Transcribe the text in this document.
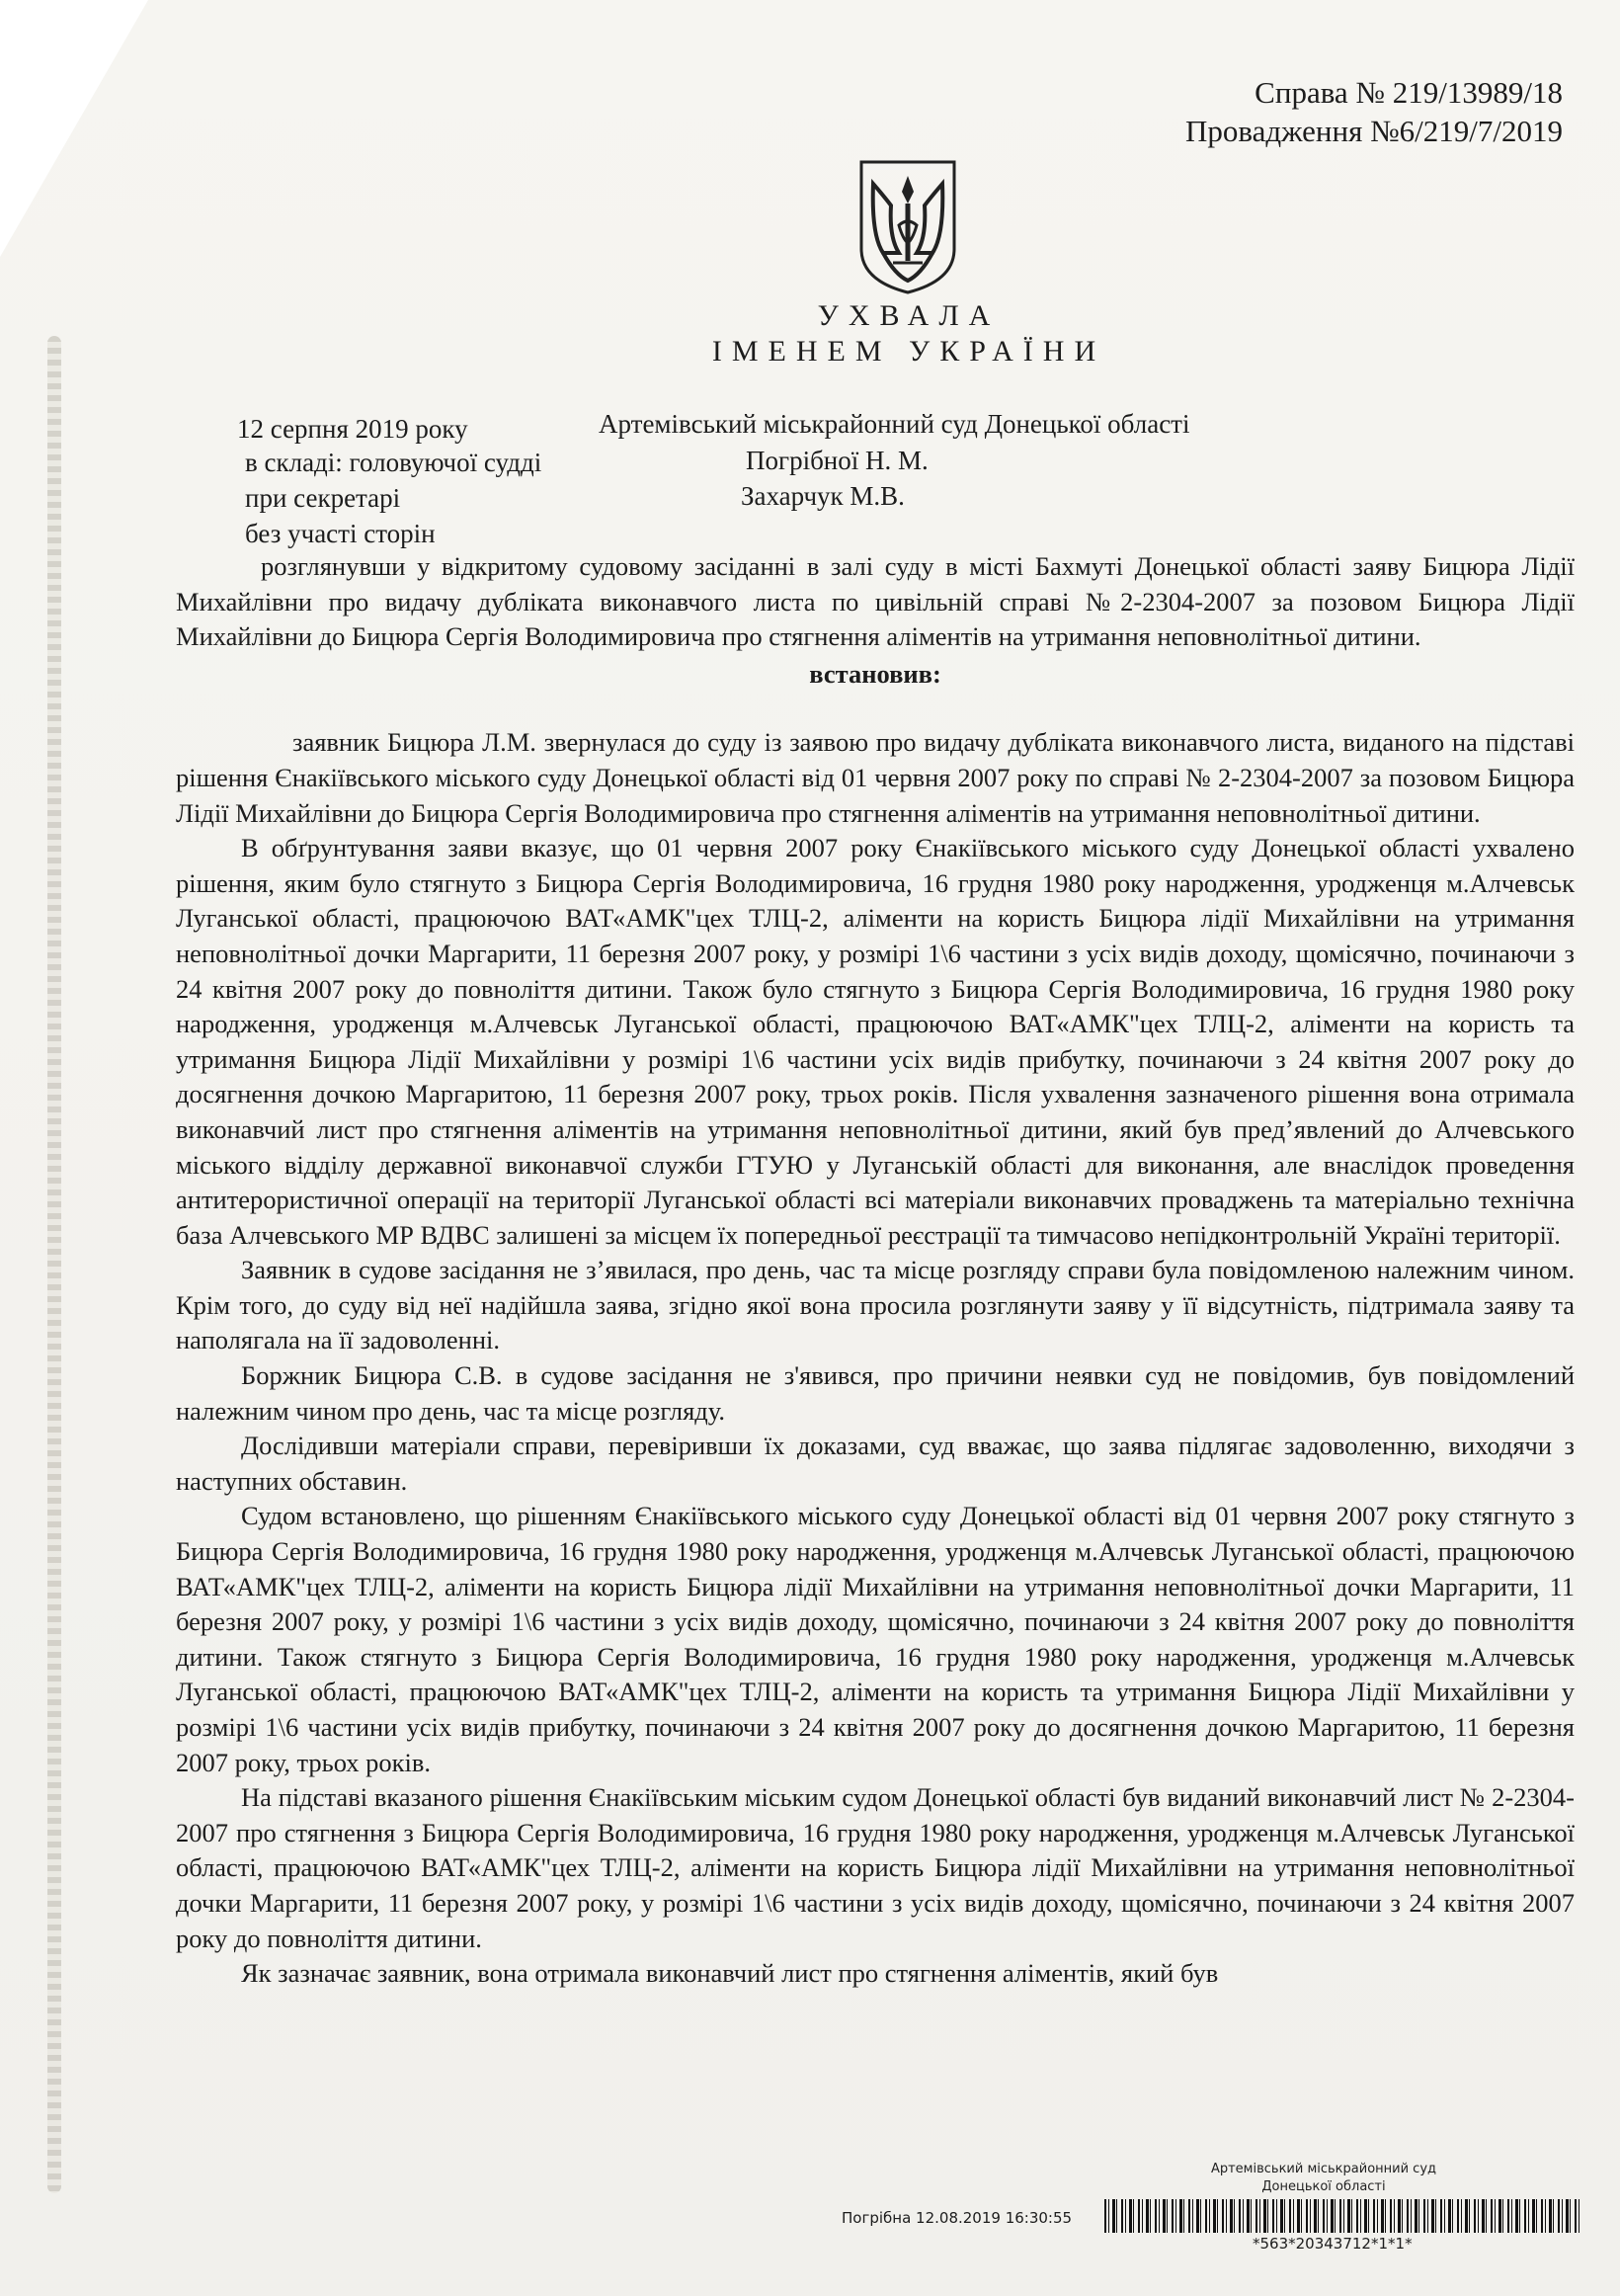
Справа № 219/13989/18
Провадження №6/219/7/2019
УХВАЛА
ІМЕНЕМ УКРАЇНИ
12 серпня 2019 року	Артемівський міськрайонний суд Донецької області
в складі: головуючої судді	Погрібної Н. М.
при секретарі	Захарчук М.В.
без участі сторін

розглянувши у відкритому судовому засіданні в залі суду в місті Бахмуті Донецької області заяву Бицюра Лідії Михайлівни про видачу дубліката виконавчого листа по цивільній справі №2-2304-2007 за позовом Бицюра Лідії Михайлівни до Бицюра Сергія Володимировича про стягнення аліментів на утримання неповнолітньої дитини.

встановив:

заявник Бицюра Л.М. звернулася до суду із заявою про видачу дубліката виконавчого листа, виданого на підставі рішення Єнакіївського міського суду Донецької області від 01 червня 2007 року по справі № 2-2304-2007 за позовом Бицюра Лідії Михайлівни до Бицюра Сергія Володимировича про стягнення аліментів на утримання неповнолітньої дитини.

В обґрунтування заяви вказує, що 01 червня 2007 року Єнакіївського міського суду Донецької області ухвалено рішення, яким було стягнуто з Бицюра Сергія Володимировича, 16 грудня 1980 року народження, уродженця м.Алчевськ Луганської області, працюючою ВАТ«АМК"цех ТЛЦ-2, аліменти на користь Бицюра лідії Михайлівни на утримання неповнолітньої дочки Маргарити, 11 березня 2007 року, у розмірі 1\6 частини з усіх видів доходу, щомісячно, починаючи з 24 квітня 2007 року до повноліття дитини. Також було стягнуто з Бицюра Сергія Володимировича, 16 грудня 1980 року народження, уродженця м.Алчевськ Луганської області, працюючою ВАТ«АМК"цех ТЛЦ-2, аліменти на користь та утримання Бицюра Лідії Михайлівни у розмірі 1\6 частини усіх видів прибутку, починаючи з 24 квітня 2007 року до досягнення дочкою Маргаритою, 11 березня 2007 року, трьох років. Після ухвалення зазначеного рішення вона отримала виконавчий лист про стягнення аліментів на утримання неповнолітньої дитини, який був пред’явлений до Алчевського міського відділу державної виконавчої служби ГТУЮ у Луганській області для виконання, але внаслідок проведення антитерористичної операції на території Луганської області всі матеріали виконавчих проваджень та матеріально технічна база Алчевського МР ВДВС залишені за місцем їх попередньої реєстрації та тимчасово непідконтрольній Україні території.

Заявник в судове засідання не з’явилася, про день, час та місце розгляду справи була повідомленою належним чином. Крім того, до суду від неї надійшла заява, згідно якої вона просила розглянути заяву у її відсутність, підтримала заяву та наполягала на її задоволенні.

Боржник Бицюра С.В. в судове засідання не з'явився, про причини неявки суд не повідомив, був повідомлений належним чином про день, час та місце розгляду.

Дослідивши матеріали справи, перевіривши їх доказами, суд вважає, що заява підлягає задоволенню, виходячи з наступних обставин.

Судом встановлено, що рішенням Єнакіївського міського суду Донецької області від 01 червня 2007 року стягнуто з Бицюра Сергія Володимировича, 16 грудня 1980 року народження, уродженця м.Алчевськ Луганської області, працюючою ВАТ«АМК"цех ТЛЦ-2, аліменти на користь Бицюра лідії Михайлівни на утримання неповнолітньої дочки Маргарити, 11 березня 2007 року, у розмірі 1\6 частини з усіх видів доходу, щомісячно, починаючи з 24 квітня 2007 року до повноліття дитини. Також стягнуто з Бицюра Сергія Володимировича, 16 грудня 1980 року народження, уродженця м.Алчевськ Луганської області, працюючою ВАТ«АМК"цех ТЛЦ-2, аліменти на користь та утримання Бицюра Лідії Михайлівни у розмірі 1\6 частини усіх видів прибутку, починаючи з 24 квітня 2007 року до досягнення дочкою Маргаритою, 11 березня 2007 року, трьох років.

На підставі вказаного рішення Єнакіївським міським судом Донецької області був виданий виконавчий лист № 2-2304-2007 про стягнення з Бицюра Сергія Володимировича, 16 грудня 1980 року народження, уродженця м.Алчевськ Луганської області, працюючою ВАТ«АМК"цех ТЛЦ-2, аліменти на користь Бицюра лідії Михайлівни на утримання неповнолітньої дочки Маргарити, 11 березня 2007 року, у розмірі 1\6 частини з усіх видів доходу, щомісячно, починаючи з 24 квітня 2007 року до повноліття дитини.

Як зазначає заявник, вона отримала виконавчий лист про стягнення аліментів, який був

Артемівський міськрайонний суд
Донецької області
Погрібна 12.08.2019 16:30:55
*563*20343712*1*1*
